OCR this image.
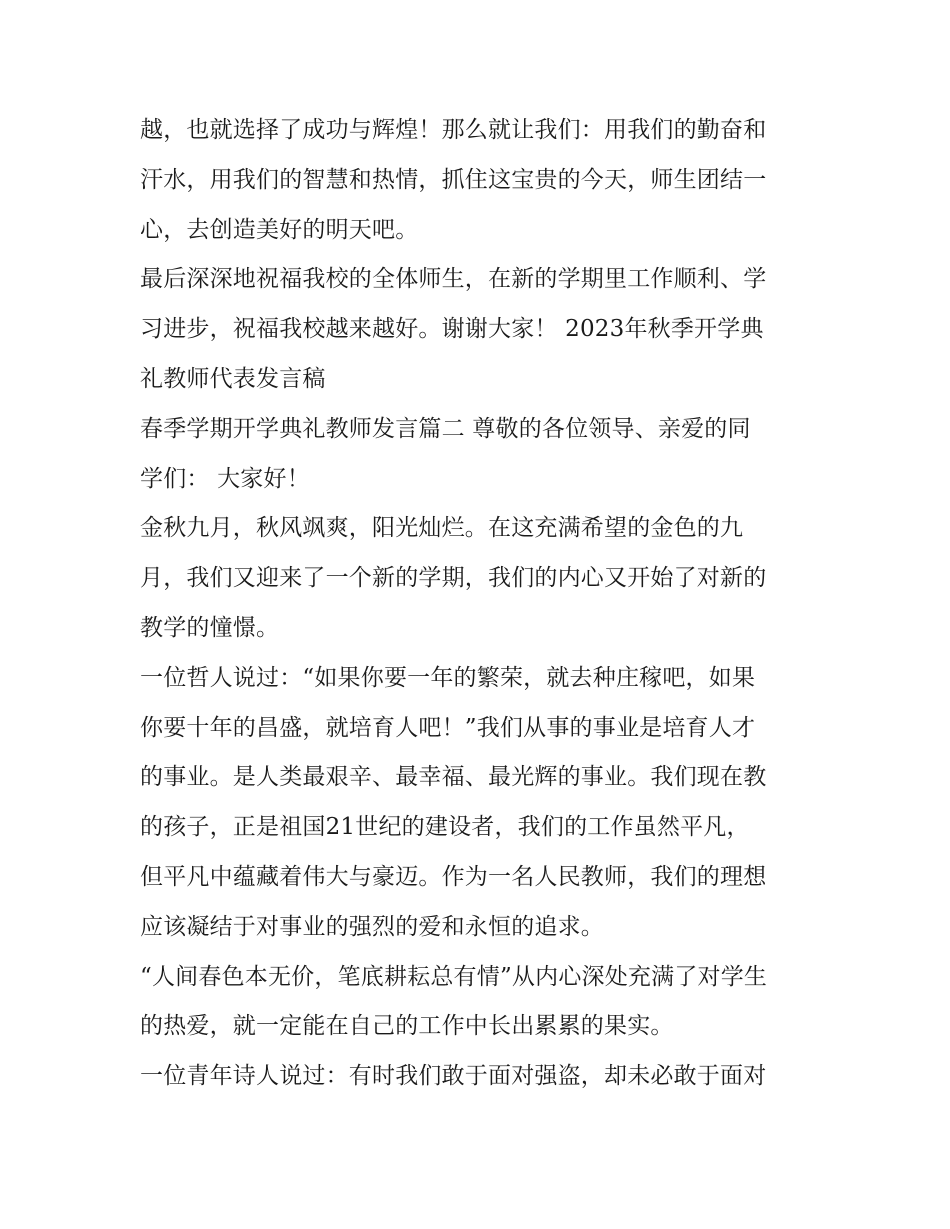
越，也就选择了成功与辉煌！那么就让我们：用我们的勤奋和
汗水，用我们的智慧和热情，抓住这宝贵的今天，师生团结一
心，去创造美好的明天吧。
最后深深地祝福我校的全体师生，在新的学期里工作顺利、学
习进步，祝福我校越来越好。谢谢大家！ 2023年秋季开学典
礼教师代表发言稿
春季学期开学典礼教师发言篇二 尊敬的各位领导、亲爱的同
学们： 大家好！
金秋九月，秋风飒爽，阳光灿烂。在这充满希望的金色的九
月，我们又迎来了一个新的学期，我们的内心又开始了对新的
教学的憧憬。
一位哲人说过：“如果你要一年的繁荣，就去种庄稼吧，如果
你要十年的昌盛，就培育人吧！”我们从事的事业是培育人才
的事业。是人类最艰辛、最幸福、最光辉的事业。我们现在教
的孩子，正是祖国21世纪的建设者，我们的工作虽然平凡，
但平凡中蕴藏着伟大与豪迈。作为一名人民教师，我们的理想
应该凝结于对事业的强烈的爱和永恒的追求。
“人间春色本无价，笔底耕耘总有情”从内心深处充满了对学生
的热爱，就一定能在自己的工作中长出累累的果实。
一位青年诗人说过：有时我们敢于面对强盗，却未必敢于面对
